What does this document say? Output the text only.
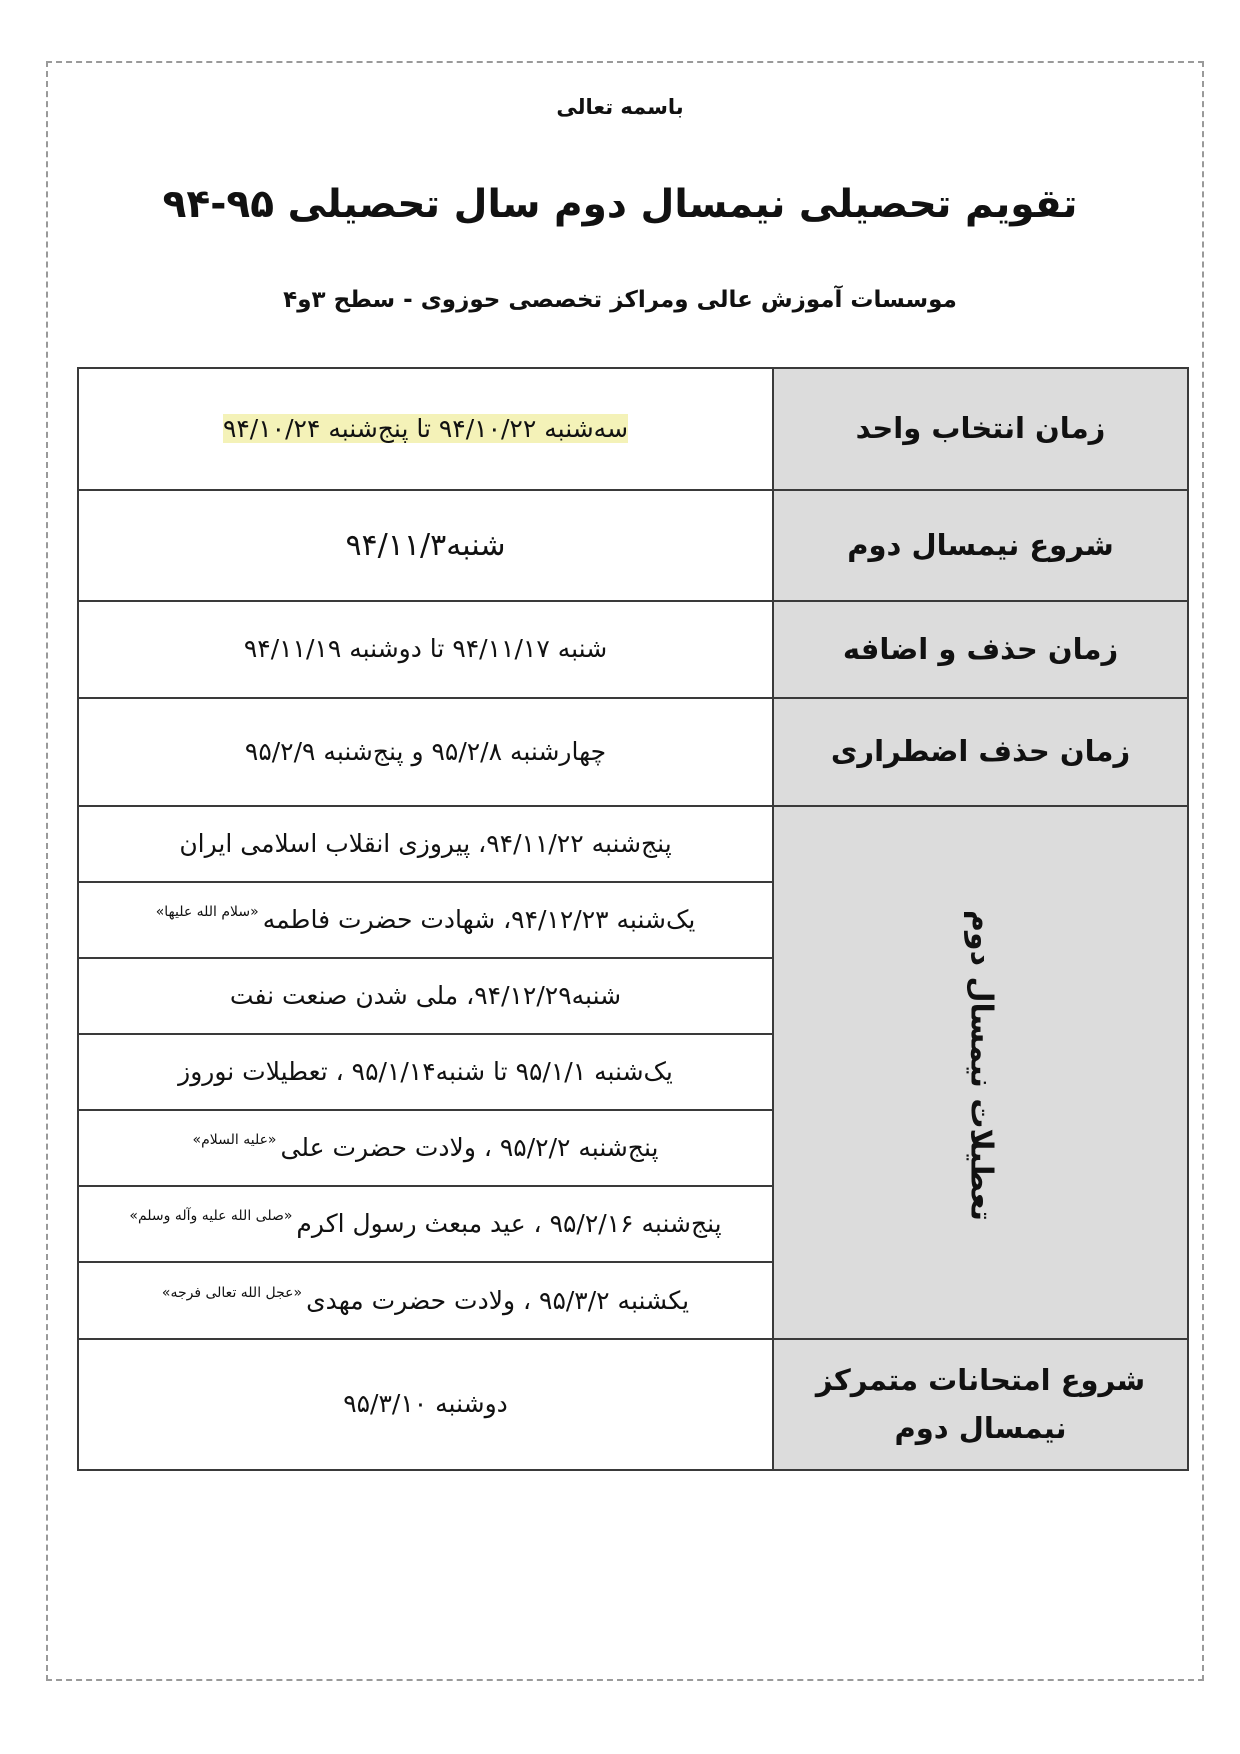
باسمه تعالی
تقویم تحصیلی نیمسال دوم سال تحصیلی ۹۵-۹۴
موسسات آموزش عالی ومراکز تخصصی حوزوی - سطح ۳و۴
زمان انتخاب واحد	سه‌شنبه ۹۴/۱۰/۲۲ تا پنج‌شنبه ۹۴/۱۰/۲۴
شروع نیمسال دوم	شنبه۹۴/۱۱/۳
زمان حذف و اضافه	شنبه ۹۴/۱۱/۱۷ تا دوشنبه ۹۴/۱۱/۱۹
زمان حذف اضطراری	چهارشنبه ۹۵/۲/۸ و پنج‌شنبه ۹۵/۲/۹
تعطیلات نیمسال دوم	پنج‌شنبه ۹۴/۱۱/۲۲، پیروزی انقلاب اسلامی ایران
	یک‌شنبه ۹۴/۱۲/۲۳، شهادت حضرت فاطمه$^{«سلام الله علیها»}$
	شنبه۹۴/۱۲/۲۹، ملی شدن صنعت نفت
	یک‌شنبه ۹۵/۱/۱ تا شنبه۹۵/۱/۱۴ ، تعطیلات نوروز
	پنج‌شنبه ۹۵/۲/۲ ، ولادت حضرت علی$^{«علیه السلام»}$
	پنج‌شنبه ۹۵/۲/۱۶ ، عید مبعث رسول اکرم$^{«صلی الله علیه وآله وسلم»}$
	یکشنبه ۹۵/۳/۲ ، ولادت حضرت مهدی$^{«عجل الله تعالی فرجه»}$

شروع امتحانات متمرکز
نیمسال دوم	دوشنبه ۹۵/۳/۱۰
